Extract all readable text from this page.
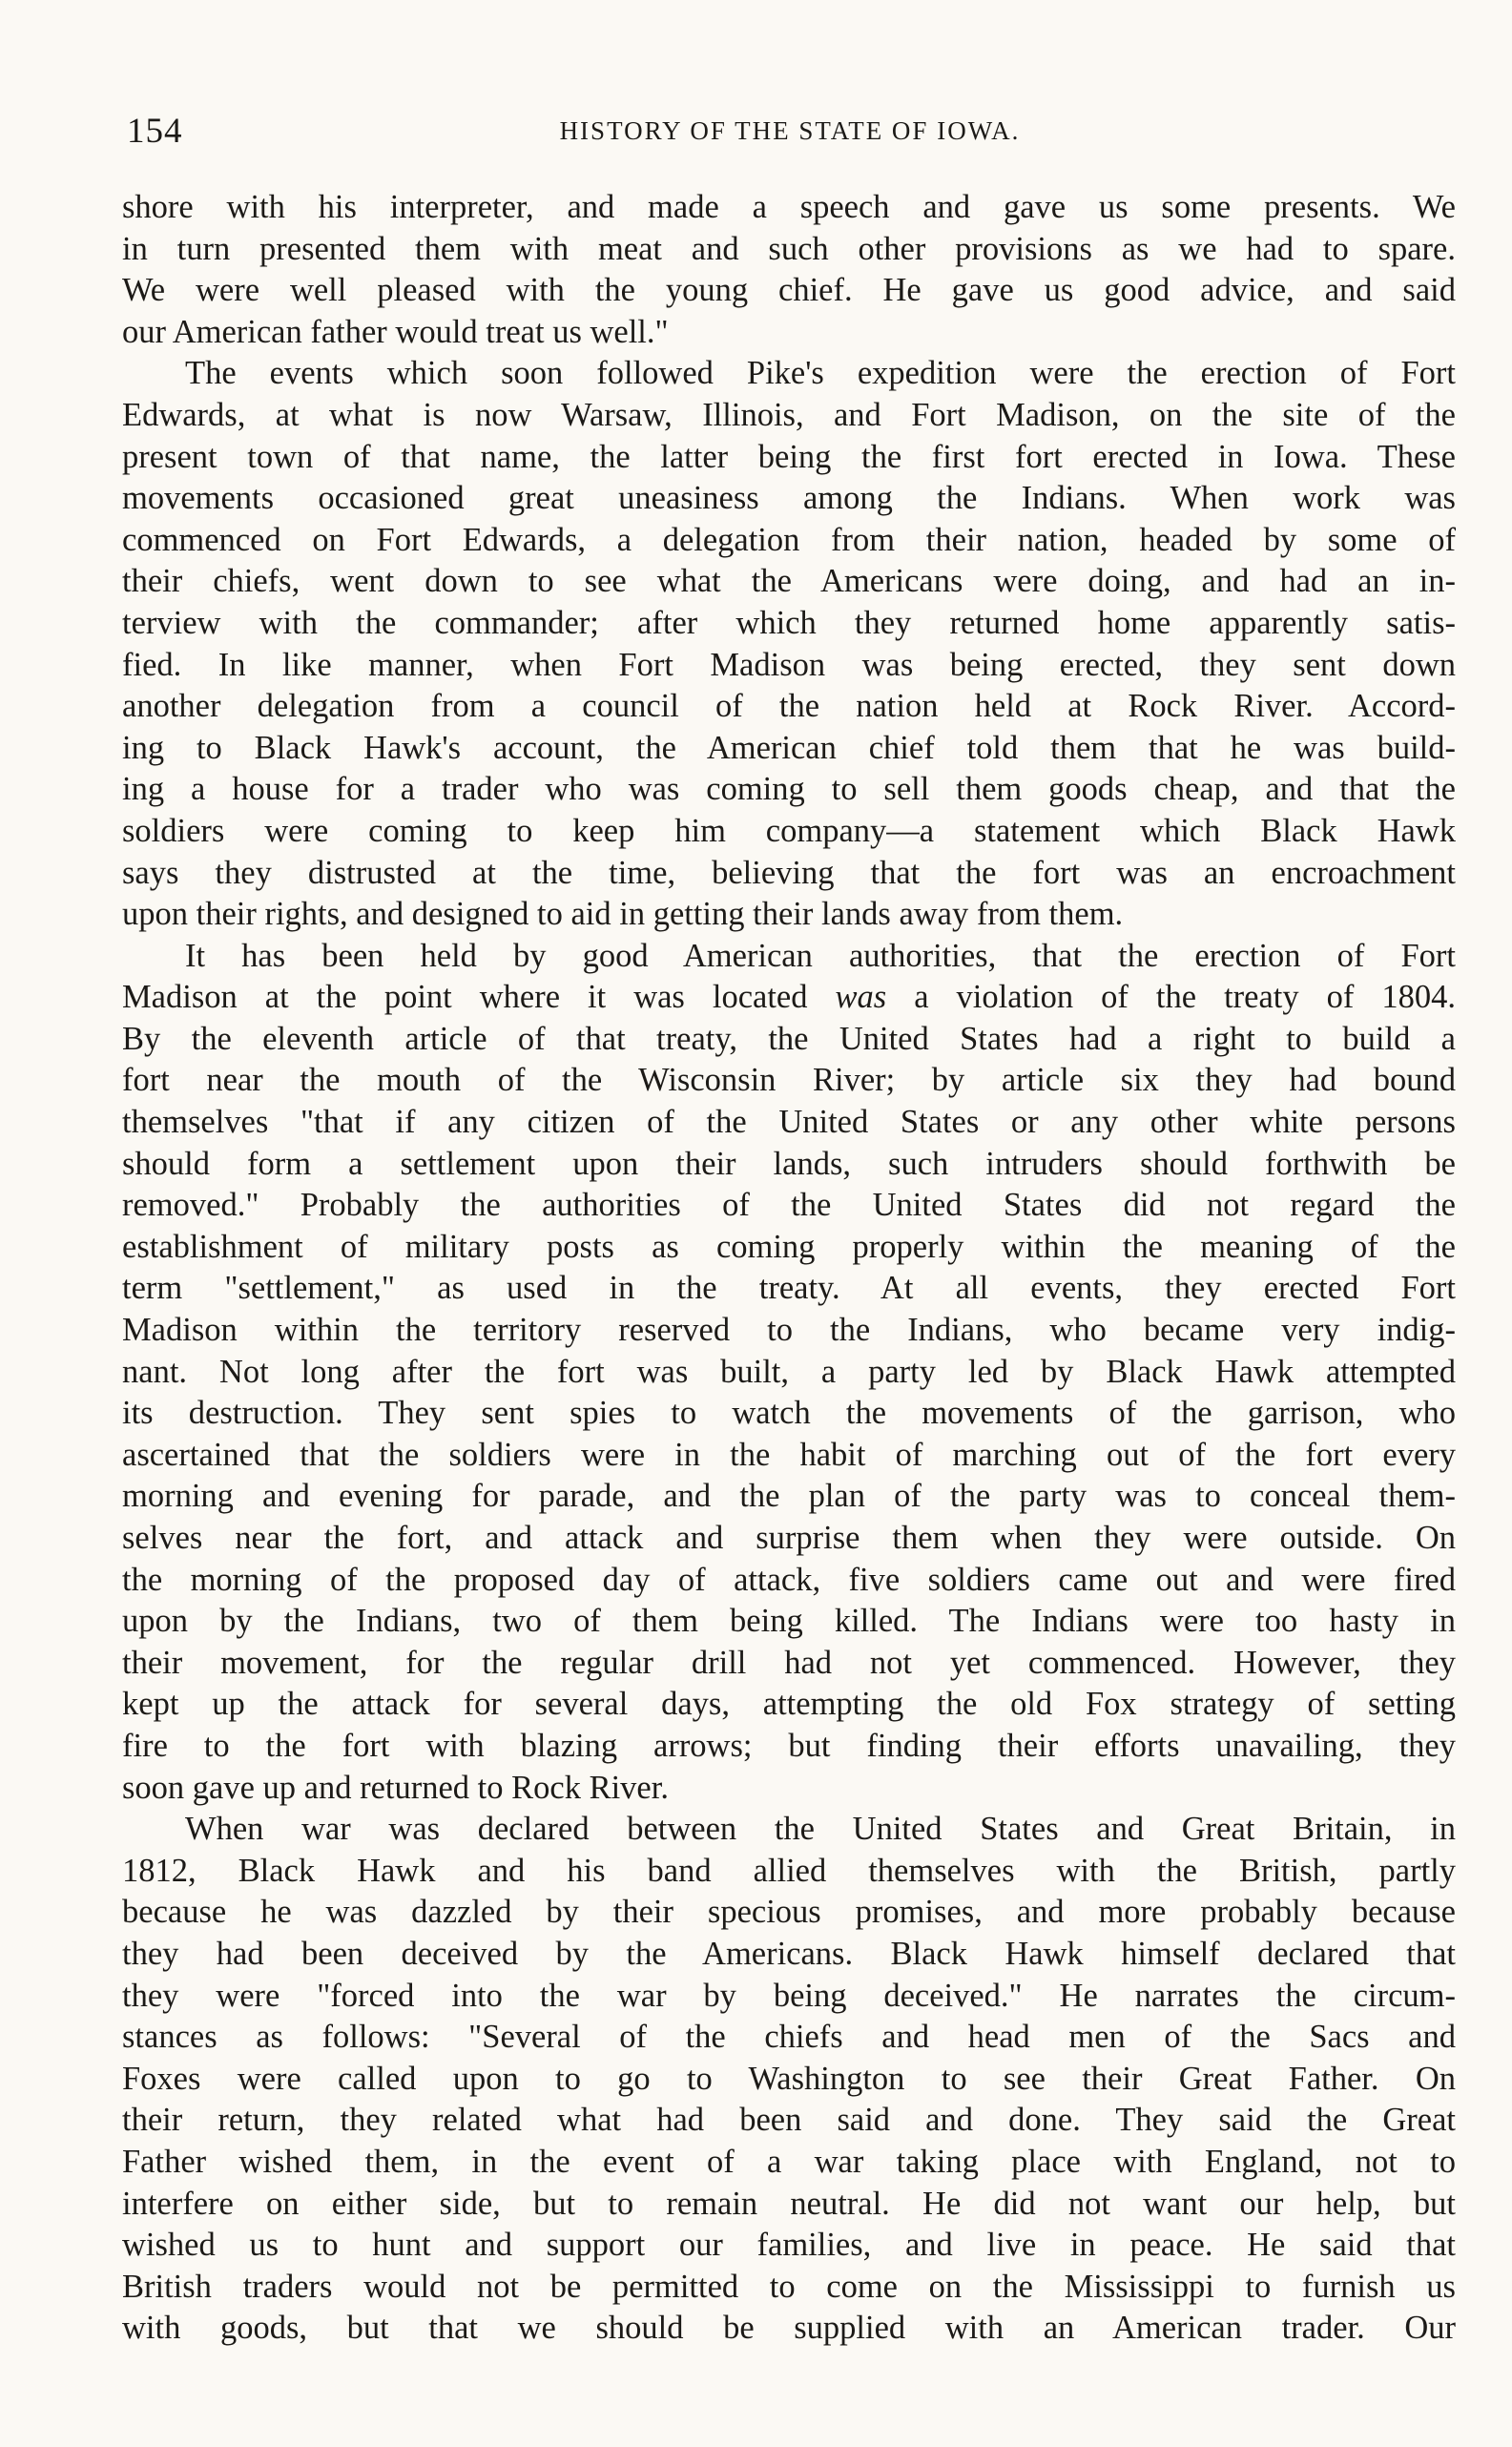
154	HISTORY OF THE STATE OF IOWA.
shore with his interpreter, and made a speech and gave us some presents. We
in turn presented them with meat and such other provisions as we had to spare.
We were well pleased with the young chief. He gave us good advice, and said
our American father would treat us well."
The events which soon followed Pike's expedition were the erection of Fort
Edwards, at what is now Warsaw, Illinois, and Fort Madison, on the site of the
present town of that name, the latter being the first fort erected in Iowa. These
movements occasioned great uneasiness among the Indians. When work was
commenced on Fort Edwards, a delegation from their nation, headed by some of
their chiefs, went down to see what the Americans were doing, and had an in-
terview with the commander; after which they returned home apparently satis-
fied. In like manner, when Fort Madison was being erected, they sent down
another delegation from a council of the nation held at Rock River. Accord-
ing to Black Hawk's account, the American chief told them that he was build-
ing a house for a trader who was coming to sell them goods cheap, and that the
soldiers were coming to keep him company—a statement which Black Hawk
says they distrusted at the time, believing that the fort was an encroachment
upon their rights, and designed to aid in getting their lands away from them.
It has been held by good American authorities, that the erection of Fort
Madison at the point where it was located was a violation of the treaty of 1804.
By the eleventh article of that treaty, the United States had a right to build a
fort near the mouth of the Wisconsin River; by article six they had bound
themselves "that if any citizen of the United States or any other white persons
should form a settlement upon their lands, such intruders should forthwith be
removed." Probably the authorities of the United States did not regard the
establishment of military posts as coming properly within the meaning of the
term "settlement," as used in the treaty. At all events, they erected Fort
Madison within the territory reserved to the Indians, who became very indig-
nant. Not long after the fort was built, a party led by Black Hawk attempted
its destruction. They sent spies to watch the movements of the garrison, who
ascertained that the soldiers were in the habit of marching out of the fort every
morning and evening for parade, and the plan of the party was to conceal them-
selves near the fort, and attack and surprise them when they were outside. On
the morning of the proposed day of attack, five soldiers came out and were fired
upon by the Indians, two of them being killed. The Indians were too hasty in
their movement, for the regular drill had not yet commenced. However, they
kept up the attack for several days, attempting the old Fox strategy of setting
fire to the fort with blazing arrows; but finding their efforts unavailing, they
soon gave up and returned to Rock River.
When war was declared between the United States and Great Britain, in
1812, Black Hawk and his band allied themselves with the British, partly
because he was dazzled by their specious promises, and more probably because
they had been deceived by the Americans. Black Hawk himself declared that
they were "forced into the war by being deceived." He narrates the circum-
stances as follows: "Several of the chiefs and head men of the Sacs and
Foxes were called upon to go to Washington to see their Great Father. On
their return, they related what had been said and done. They said the Great
Father wished them, in the event of a war taking place with England, not to
interfere on either side, but to remain neutral. He did not want our help, but
wished us to hunt and support our families, and live in peace. He said that
British traders would not be permitted to come on the Mississippi to furnish us
with goods, but that we should be supplied with an American trader. Our
